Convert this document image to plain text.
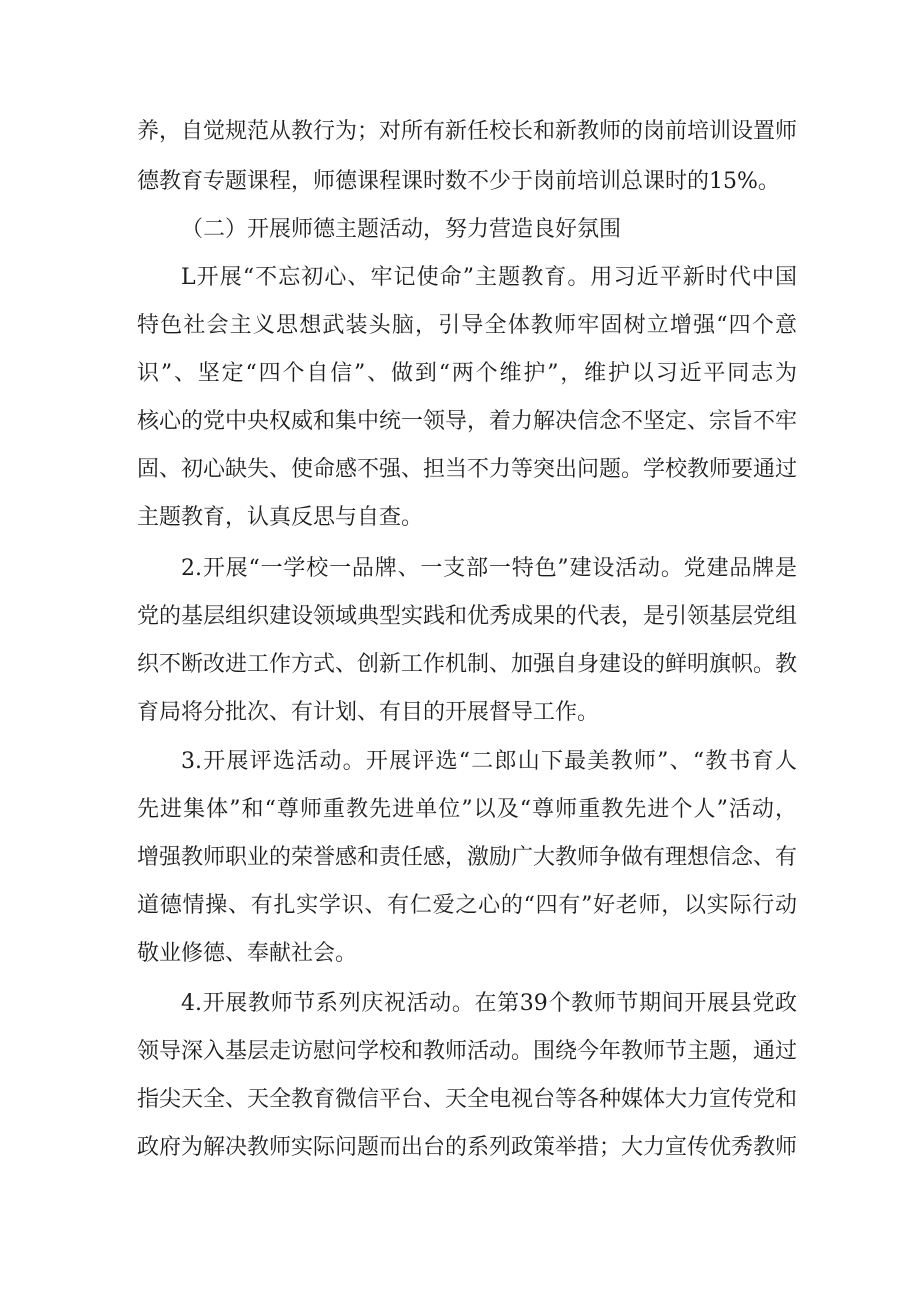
养，自觉规范从教行为；对所有新任校长和新教师的岗前培训设置师
德教育专题课程，师德课程课时数不少于岗前培训总课时的15%。
（二）开展师德主题活动，努力营造良好氛围
L开展“不忘初心、牢记使命”主题教育。用习近平新时代中国
特色社会主义思想武装头脑，引导全体教师牢固树立增强“四个意
识”、坚定“四个自信”、做到“两个维护”，维护以习近平同志为
核心的党中央权威和集中统一领导，着力解决信念不坚定、宗旨不牢
固、初心缺失、使命感不强、担当不力等突出问题。学校教师要通过
主题教育，认真反思与自查。
2.开展“一学校一品牌、一支部一特色”建设活动。党建品牌是
党的基层组织建设领域典型实践和优秀成果的代表，是引领基层党组
织不断改进工作方式、创新工作机制、加强自身建设的鲜明旗帜。教
育局将分批次、有计划、有目的开展督导工作。
3.开展评选活动。开展评选“二郎山下最美教师”、“教书育人
先进集体”和“尊师重教先进单位”以及“尊师重教先进个人”活动，
增强教师职业的荣誉感和责任感，激励广大教师争做有理想信念、有
道德情操、有扎实学识、有仁爱之心的“四有”好老师，以实际行动
敬业修德、奉献社会。
4.开展教师节系列庆祝活动。在第39个教师节期间开展县党政
领导深入基层走访慰问学校和教师活动。围绕今年教师节主题，通过
指尖天全、天全教育微信平台、天全电视台等各种媒体大力宣传党和
政府为解决教师实际问题而出台的系列政策举措；大力宣传优秀教师
